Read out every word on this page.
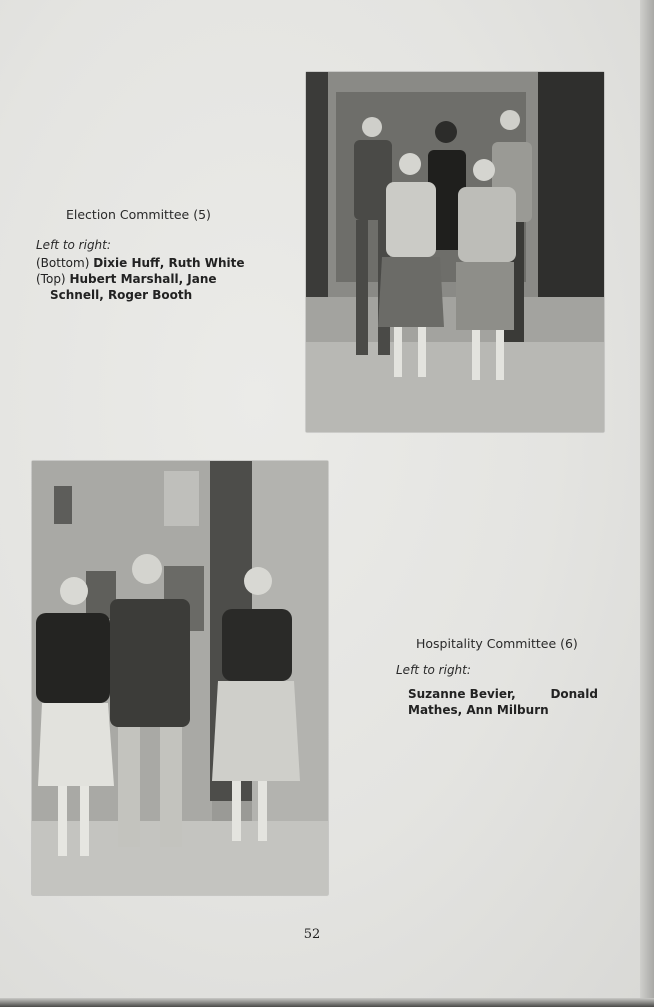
Election Committee (5)
Left to right:
(Bottom) Dixie Huff, Ruth White
(Top) Hubert Marshall, Jane
Schnell, Roger Booth
Hospitality Committee (6)
Left to right:
Suzanne Bevier,	Donald
Mathes, Ann Milburn
52
